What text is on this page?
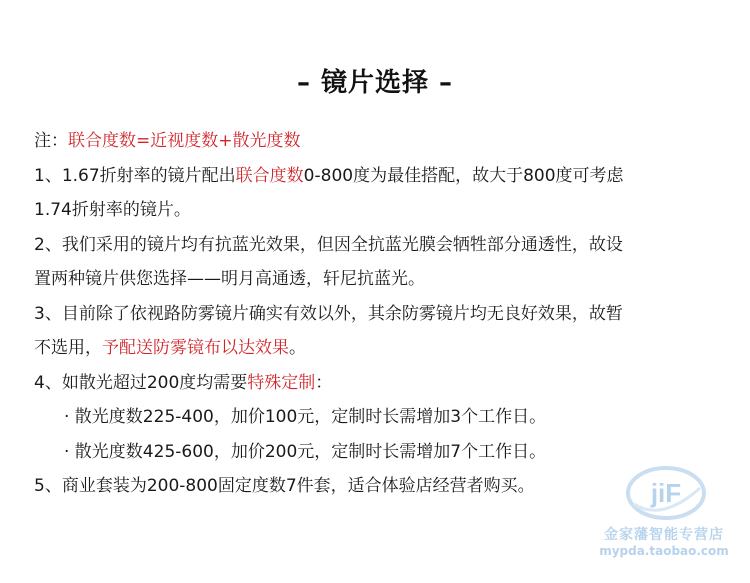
– 镜片选择 –
注：联合度数=近视度数+散光度数
1、1.67折射率的镜片配出联合度数0-800度为最佳搭配，故大于800度可考虑
1.74折射率的镜片。
2、我们采用的镜片均有抗蓝光效果，但因全抗蓝光膜会牺牲部分通透性，故设
置两种镜片供您选择——明月高通透，轩尼抗蓝光。
3、目前除了依视路防雾镜片确实有效以外，其余防雾镜片均无良好效果，故暂
不选用，予配送防雾镜布以达效果。
4、如散光超过200度均需要特殊定制：
· 散光度数225-400，加价100元，定制时长需增加3个工作日。
· 散光度数425-600，加价200元，定制时长需增加7个工作日。
5、商业套装为200-800固定度数7件套，适合体验店经营者购买。	jiF
金家藩智能专营店
mypda.taobao.com
